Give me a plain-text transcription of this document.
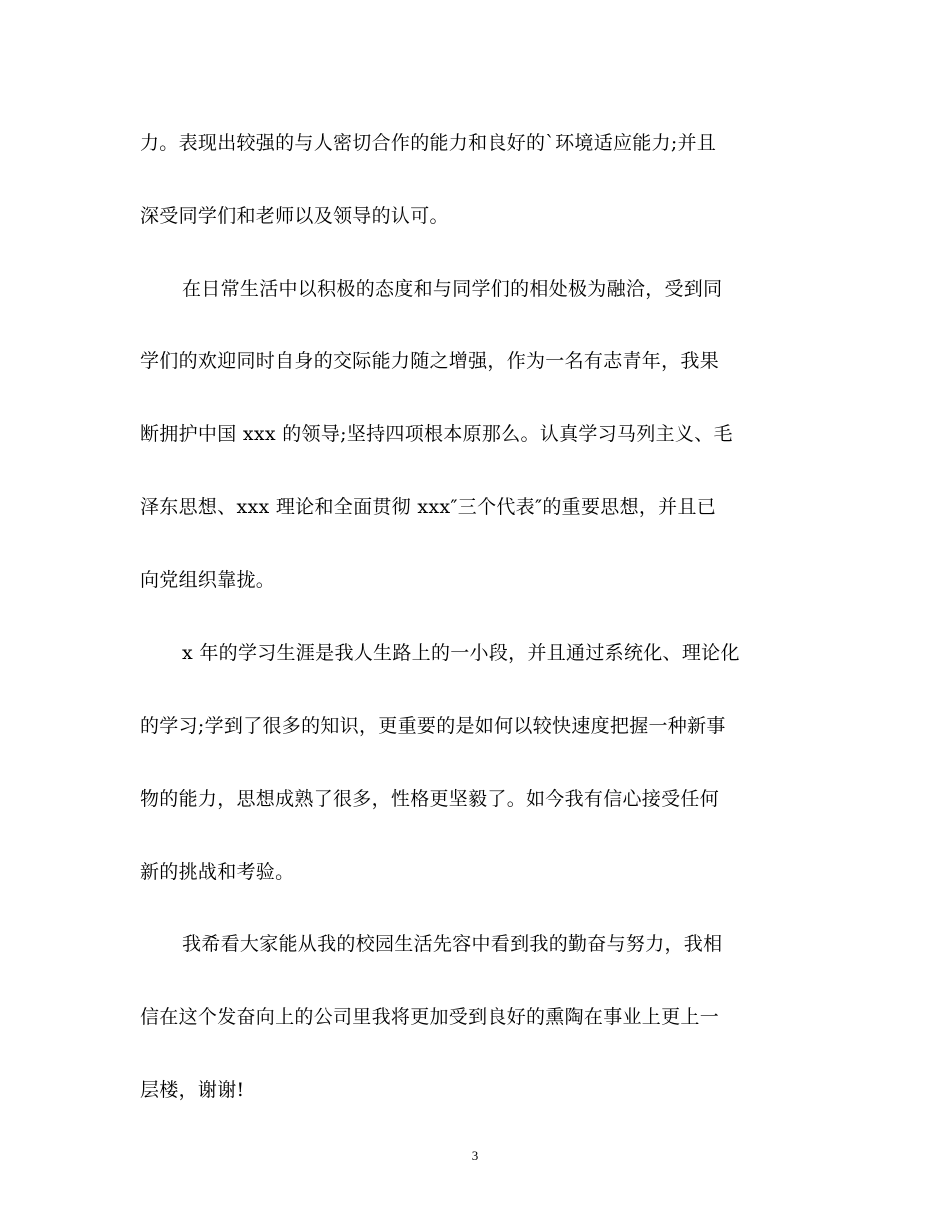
力。表现出较强的与人密切合作的能力和良好的`环境适应能力;并且
深受同学们和老师以及领导的认可。
在日常生活中以积极的态度和与同学们的相处极为融洽，受到同
学们的欢迎同时自身的交际能力随之增强，作为一名有志青年，我果
断拥护中国 xxx 的领导;坚持四项根本原那么。认真学习马列主义、毛
泽东思想、xxx 理论和全面贯彻 xxx″三个代表″的重要思想，并且已
向党组织靠拢。
x 年的学习生涯是我人生路上的一小段，并且通过系统化、理论化
的学习;学到了很多的知识，更重要的是如何以较快速度把握一种新事
物的能力，思想成熟了很多，性格更坚毅了。如今我有信心接受任何
新的挑战和考验。
我希看大家能从我的校园生活先容中看到我的勤奋与努力，我相
信在这个发奋向上的公司里我将更加受到良好的熏陶在事业上更上一
层楼，谢谢!
3
